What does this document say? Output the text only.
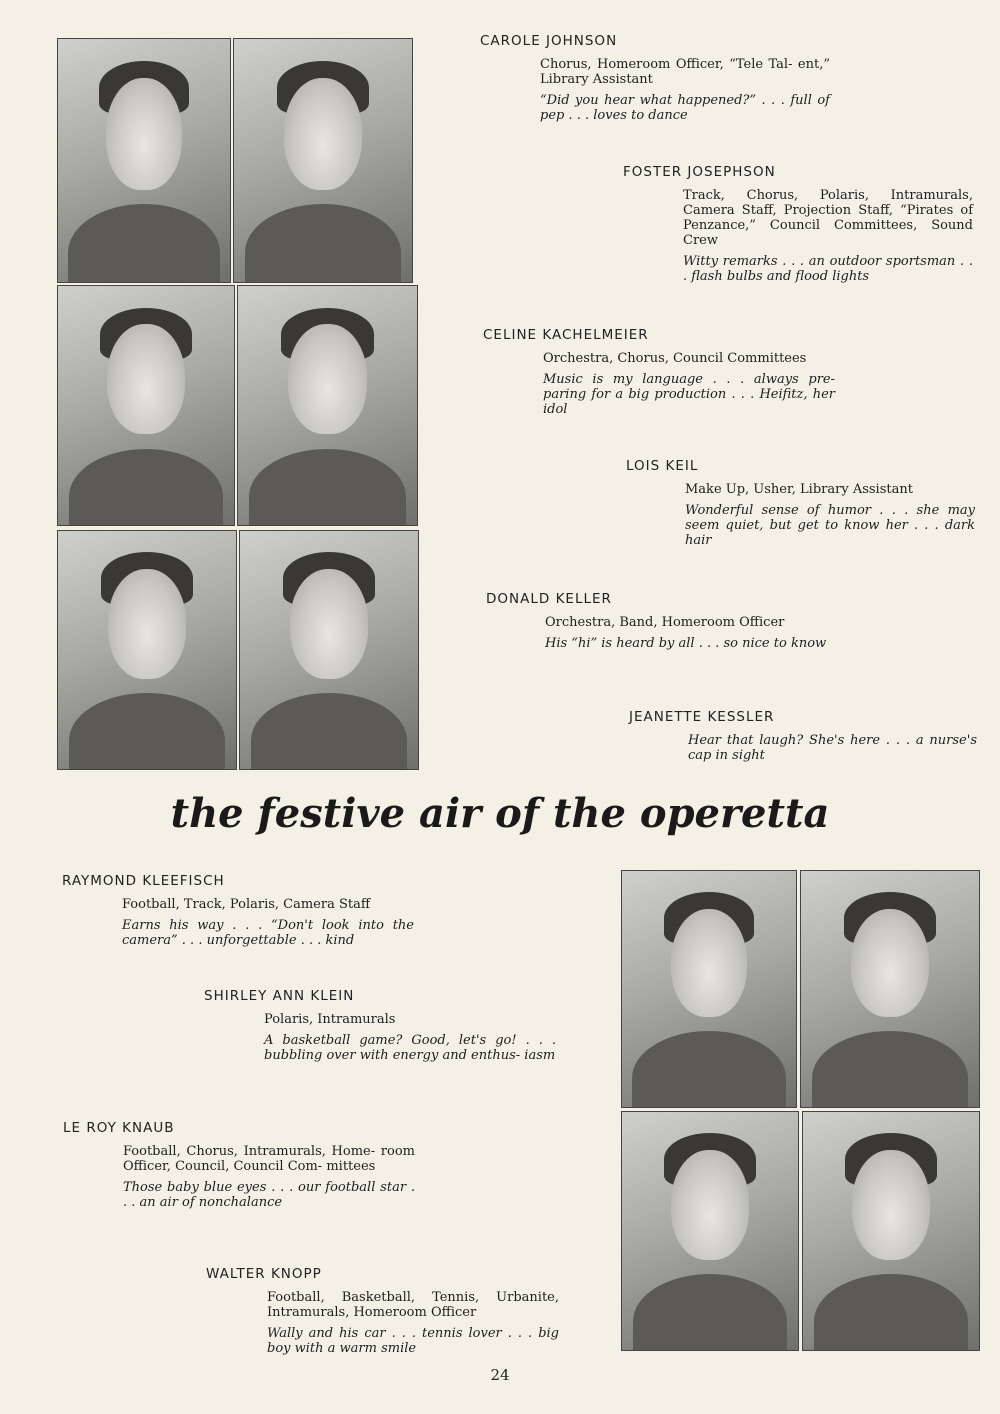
CAROLE JOHNSON
Chorus, Homeroom Officer, “Tele Tal- ent,” Library Assistant
“Did you hear what happened?” . . . full of pep . . . loves to dance
FOSTER JOSEPHSON
Track, Chorus, Polaris, Intramurals, Camera Staff, Projection Staff, “Pirates of Penzance,” Council Committees, Sound Crew
Witty remarks . . . an outdoor sportsman . . . flash bulbs and flood lights
CELINE KACHELMEIER
Orchestra, Chorus, Council Committees
Music is my language . . . always pre- paring for a big production . . . Heifitz, her idol
LOIS KEIL
Make Up, Usher, Library Assistant
Wonderful sense of humor . . . she may seem quiet, but get to know her . . . dark hair
DONALD KELLER
Orchestra, Band, Homeroom Officer
His “hi” is heard by all . . . so nice to know
JEANETTE KESSLER
Hear that laugh? She's here . . . a nurse's cap in sight
the festive air of the operetta
RAYMOND KLEEFISCH
Football, Track, Polaris, Camera Staff
Earns his way . . . “Don't look into the camera” . . . unforgettable . . . kind
SHIRLEY ANN KLEIN
Polaris, Intramurals
A basketball game? Good, let's go! . . . bubbling over with energy and enthus- iasm
LE ROY KNAUB
Football, Chorus, Intramurals, Home- room Officer, Council, Council Com- mittees
Those baby blue eyes . . . our football star . . . an air of nonchalance
WALTER KNOPP
Football, Basketball, Tennis, Urbanite, Intramurals, Homeroom Officer
Wally and his car . . . tennis lover . . . big boy with a warm smile
24
